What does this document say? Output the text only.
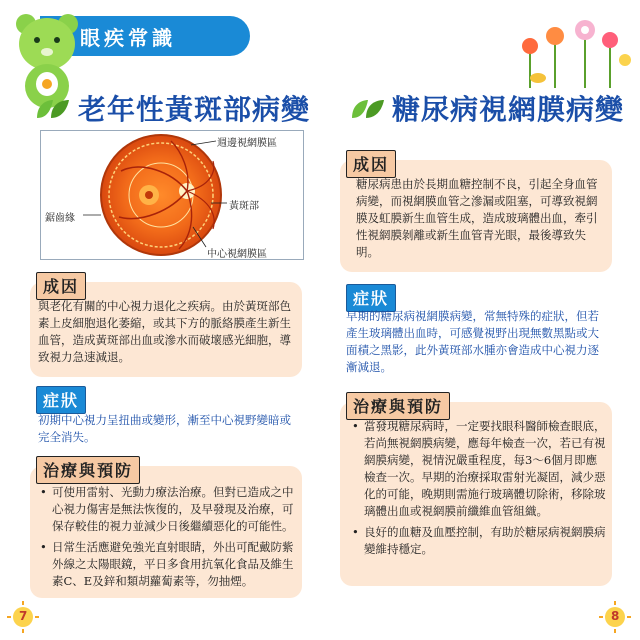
眼疾常識
老年性黃斑部病變	糖尿病視網膜病變
週邊視網膜區
黃斑部
鋸齒緣
中心視網膜區
成因
與老化有關的中心視力退化之疾病。由於黃斑部色素上皮細胞退化萎縮，或其下方的脈絡膜產生新生血管，造成黃斑部出血或滲水而破壞感光細胞，導致視力急速減退。
症狀
初期中心視力呈扭曲或變形，漸至中心視野變暗或完全消失。
治療與預防
• 可使用雷射、光動力療法治療。但對已造成之中心視力傷害是無法恢復的，及早發現及治療，可保存較佳的視力並減少日後繼續惡化的可能性。
• 日常生活應避免強光直射眼睛，外出可配戴防紫外線之太陽眼鏡，平日多食用抗氧化食品及維生素C、E及鋅和類胡蘿蔔素等，勿抽煙。
成因
糖尿病患由於長期血糖控制不良，引起全身血管病變，而視網膜血管之滲漏或阻塞，可導致視網膜及虹膜新生血管生成，造成玻璃體出血，牽引性視網膜剝離或新生血管青光眼，最後導致失明。
症狀
早期的糖尿病視網膜病變，常無特殊的症狀，但若產生玻璃體出血時，可感覺視野出現無數黑點或大面積之黑影，此外黃斑部水腫亦會造成中心視力逐漸減退。
治療與預防
• 當發現糖尿病時，一定要找眼科醫師檢查眼底，若尚無視網膜病變，應每年檢查一次，若已有視網膜病變，視情況嚴重程度，每3～6個月即應檢查一次。早期的治療採取雷射光凝固，減少惡化的可能，晚期則需施行玻璃體切除術，移除玻璃體出血或視網膜前纖維血管組織。
• 良好的血糖及血壓控制，有助於糖尿病視網膜病變維持穩定。
7	8
